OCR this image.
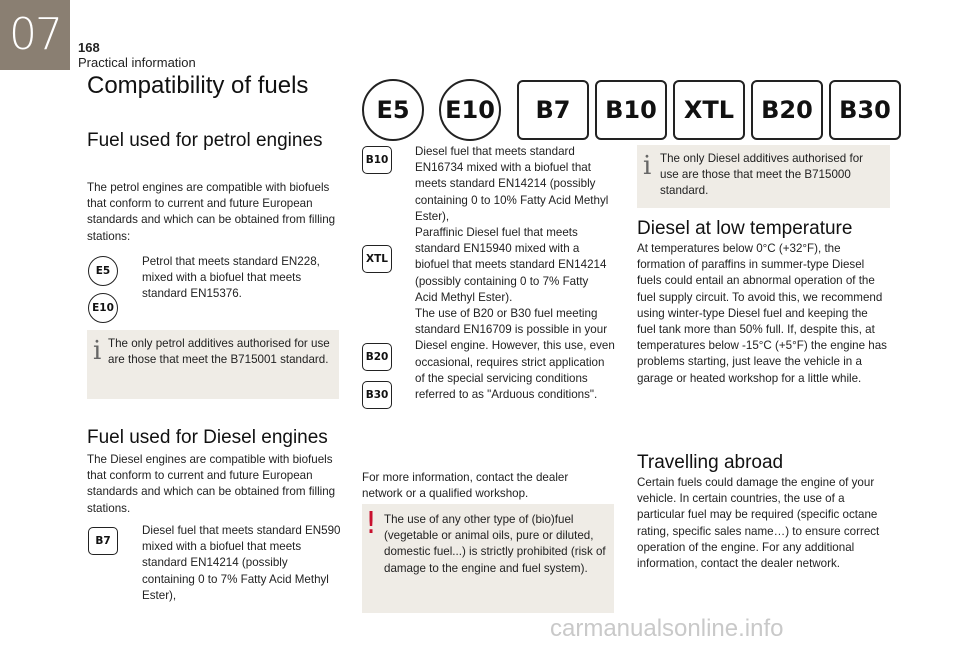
07	168
Practical information
Compatibility of fuels
E5	E10	B7	B10	XTL	B20	B30
Fuel used for petrol engines
The petrol engines are compatible with biofuels that conform to current and future European standards and which can be obtained from filling stations:
E5
E10
Petrol that meets standard EN228, mixed with a biofuel that meets standard EN15376.
i The only petrol additives authorised for use are those that meet the B715001 standard.
Fuel used for Diesel engines
The Diesel engines are compatible with biofuels that conform to current and future European standards and which can be obtained from filling stations.
B7
Diesel fuel that meets standard EN590 mixed with a biofuel that meets standard EN14214 (possibly containing 0 to 7% Fatty Acid Methyl Ester),
B10
Diesel fuel that meets standard EN16734 mixed with a biofuel that meets standard EN14214 (possibly containing 0 to 10% Fatty Acid Methyl Ester),
XTL
Paraffinic Diesel fuel that meets standard EN15940 mixed with a biofuel that meets standard EN14214 (possibly containing 0 to 7% Fatty Acid Methyl Ester).
B20
B30
The use of B20 or B30 fuel meeting standard EN16709 is possible in your Diesel engine. However, this use, even occasional, requires strict application of the special servicing conditions referred to as "Arduous conditions".
For more information, contact the dealer network or a qualified workshop.
! The use of any other type of (bio)fuel (vegetable or animal oils, pure or diluted, domestic fuel...) is strictly prohibited (risk of damage to the engine and fuel system).
i The only Diesel additives authorised for use are those that meet the B715000 standard.
Diesel at low temperature
At temperatures below 0°C (+32°F), the formation of paraffins in summer-type Diesel fuels could entail an abnormal operation of the fuel supply circuit. To avoid this, we recommend using winter-type Diesel fuel and keeping the fuel tank more than 50% full. If, despite this, at temperatures below -15°C (+5°F) the engine has problems starting, just leave the vehicle in a garage or heated workshop for a little while.
Travelling abroad
Certain fuels could damage the engine of your vehicle. In certain countries, the use of a particular fuel may be required (specific octane rating, specific sales name…) to ensure correct operation of the engine. For any additional information, contact the dealer network.
carmanualsonline.info
